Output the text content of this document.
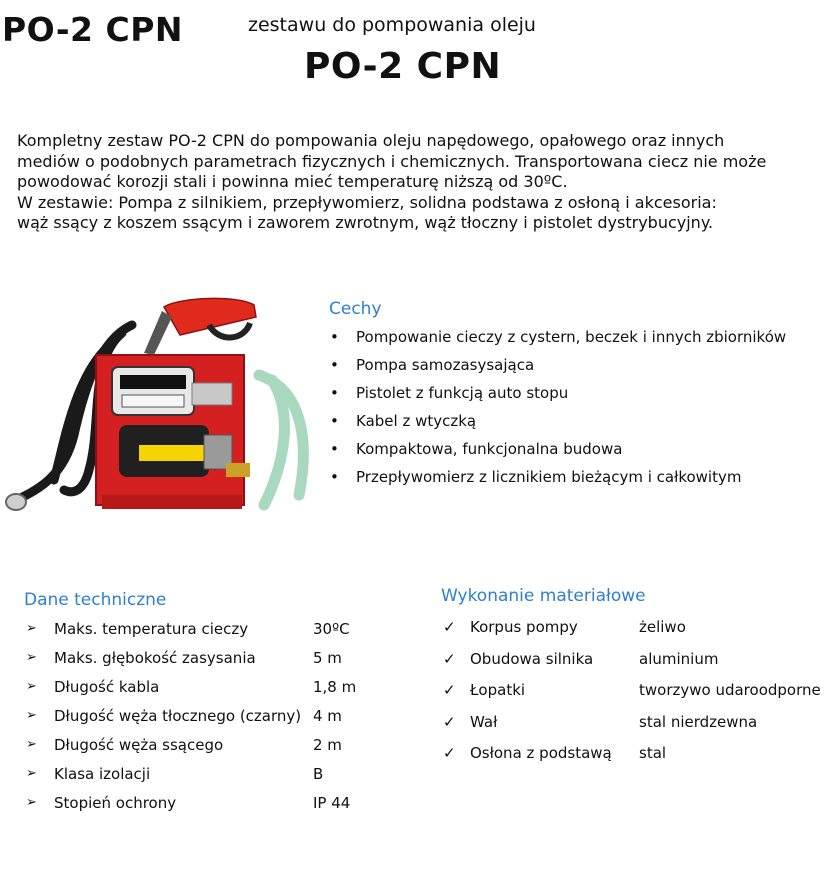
PO-2 CPN	zestawu do pompowania oleju
PO-2 CPN

Kompletny zestaw PO-2 CPN do pompowania oleju napędowego, opałowego oraz innych

mediów o podobnych parametrach fizycznych i chemicznych. Transportowana ciecz nie może

powodować korozji stali i powinna mieć temperaturę niższą od 30ºC.

W zestawie: Pompa z silnikiem, przepływomierz, solidna podstawa z osłoną i akcesoria:

wąż ssący z koszem ssącym i zaworem zwrotnym, wąż tłoczny i pistolet dystrybucyjny.

Cechy
•	Pompowanie cieczy z cystern, beczek i innych zbiorników
•	Pompa samozasysająca
•	Pistolet z funkcją auto stopu
•	Kabel z wtyczką
•	Kompaktowa, funkcjonalna budowa
•	Przepływomierz z licznikiem bieżącym i całkowitym
Dane techniczne
➢ Maks. temperatura cieczy	30ºC
➢ Maks. głębokość zasysania	5 m
➢ Długość kabla	1,8 m
➢ Długość węża tłocznego (czarny) 4 m
➢ Długość węża ssącego	2 m
➢ Klasa izolacji	B
➢ Stopień ochrony	IP 44
Wykonanie materiałowe
✓ Korpus pompy	żeliwo
✓ Obudowa silnika	aluminium
✓ Łopatki	tworzywo udaroodporne
✓ Wał	stal nierdzewna
✓ Osłona z podstawą stal
